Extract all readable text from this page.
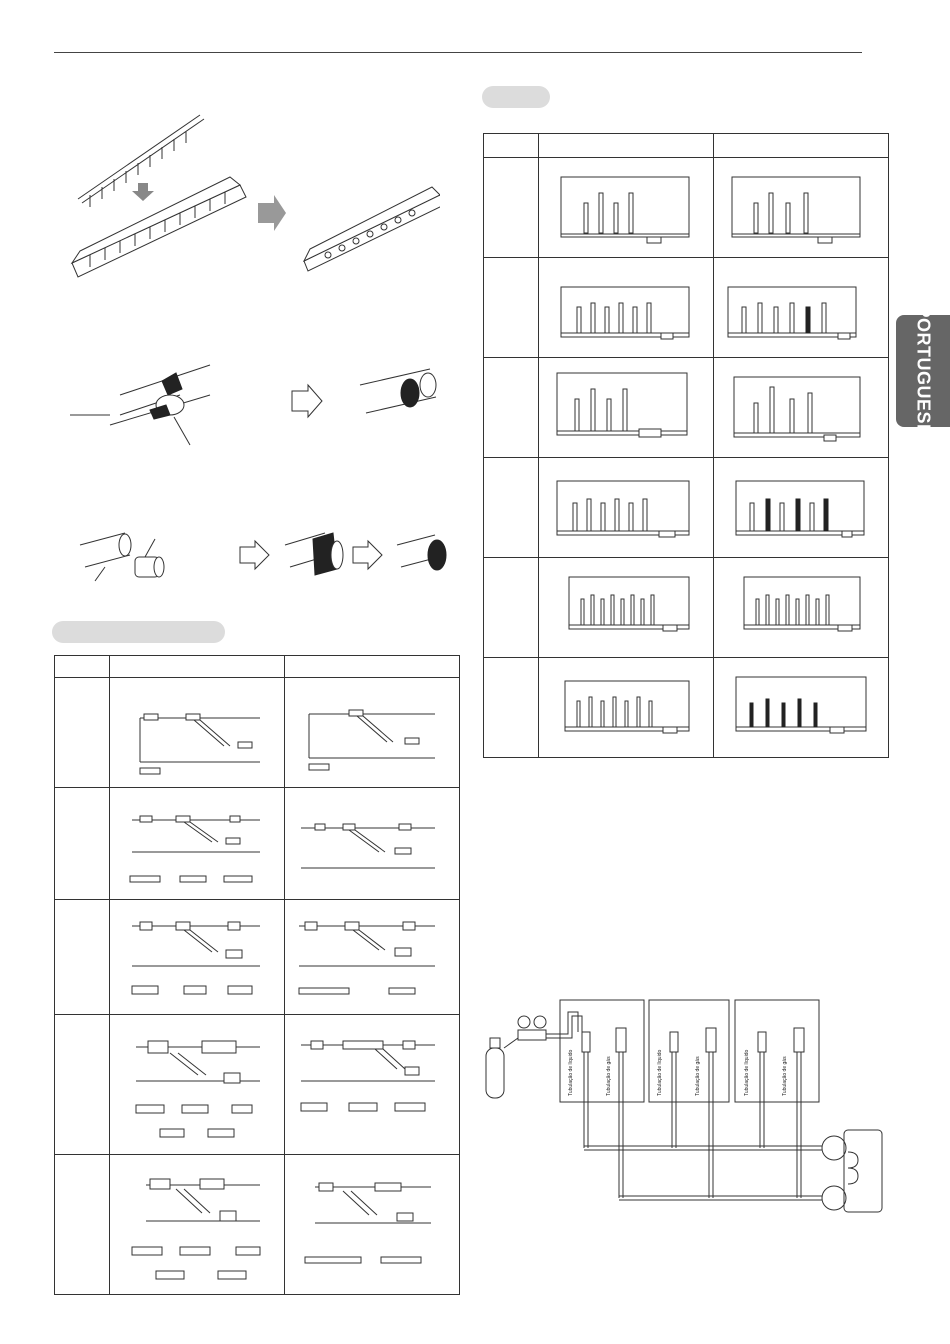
PORTUGUESE

Tubulação de líquido	Tubulação de gás	Tubulação de líquido	Tubulação de gás	Tubulação de líquido	Tubulação de gás
